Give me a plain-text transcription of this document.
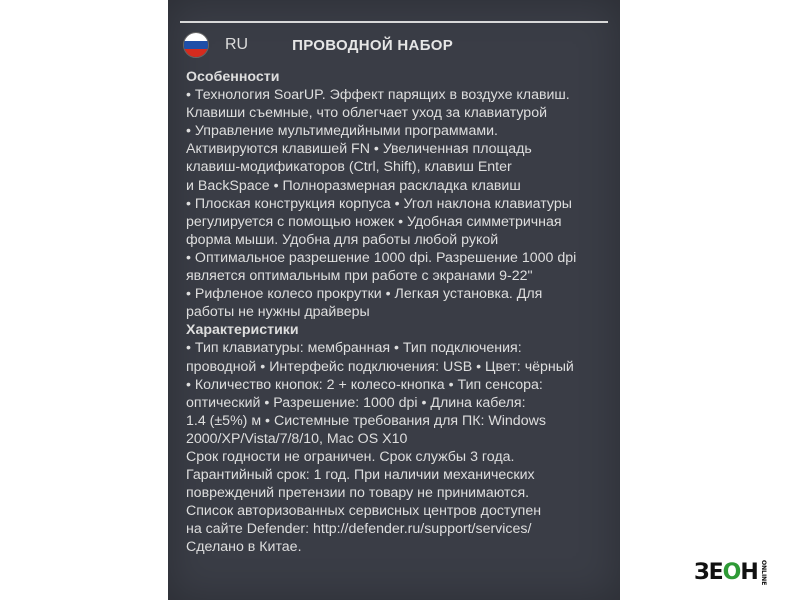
RU	ПРОВОДНОЙ НАБОР
Особенности
• Технология SoarUP. Эффект парящих в воздухе клавиш.
Клавиши съемные, что облегчает уход за клавиатурой
• Управление мультимедийными программами.
Активируются клавишей FN • Увеличенная площадь
клавиш-модификаторов (Ctrl, Shift), клавиш Enter
и BackSpace • Полноразмерная раскладка клавиш
• Плоская конструкция корпуса • Угол наклона клавиатуры
регулируется с помощью ножек • Удобная симметричная
форма мыши. Удобна для работы любой рукой
• Оптимальное разрешение 1000 dpi. Разрешение 1000 dpi
является оптимальным при работе с экранами 9-22"
• Рифленое колесо прокрутки • Легкая установка. Для
работы не нужны драйверы
Характеристики
• Тип клавиатуры: мембранная • Тип подключения:
проводной • Интерфейс подключения: USB • Цвет: чёрный
• Количество кнопок: 2 + колесо-кнопка • Тип сенсора:
оптический • Разрешение: 1000 dpi • Длина кабеля:
1.4 (±5%) м • Системные требования для ПК: Windows
2000/XP/Vista/7/8/10, Mac OS X10
Срок годности не ограничен. Срок службы 3 года.
Гарантийный срок: 1 год. При наличии механических
повреждений претензии по товару не принимаются.
Список авторизованных сервисных центров доступен
на сайте Defender: http://defender.ru/support/services/
Сделано в Китае.
ЗЕОН ONLINE
